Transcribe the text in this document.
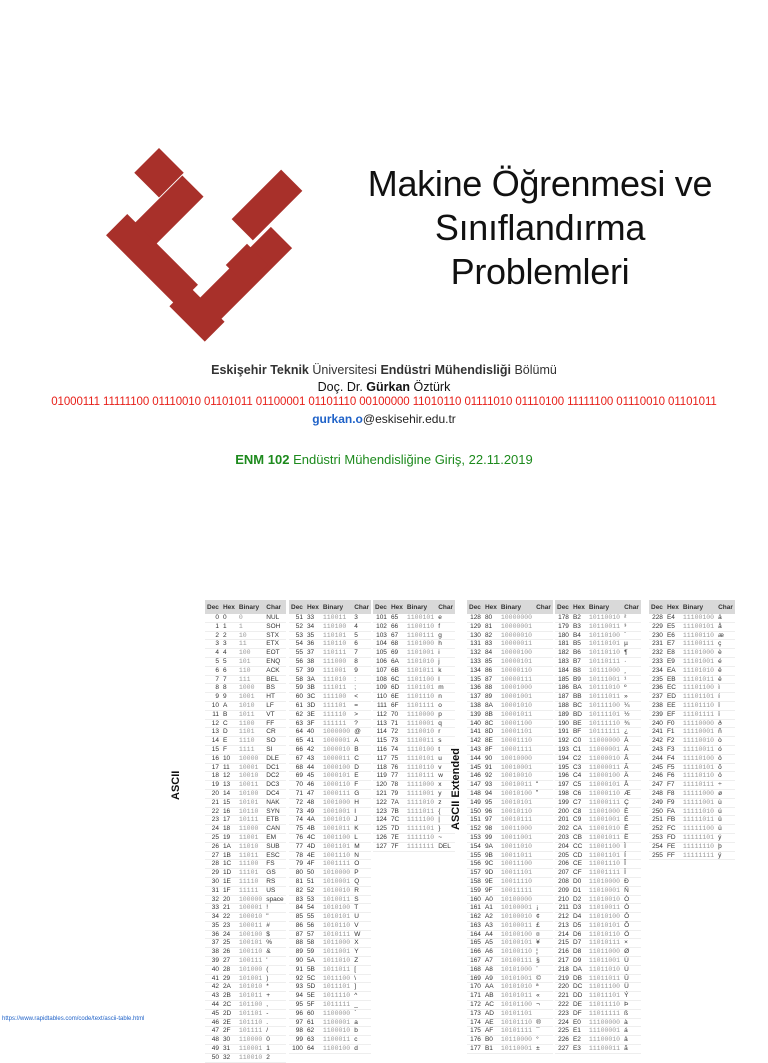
Makine Öğrenmesi ve
Sınıflandırma
Problemleri
Eskişehir Teknik Üniversitesi Endüstri Mühendisliği Bölümü
Doç. Dr. Gürkan Öztürk
01000111 11111100 01110010 01101011 01100001 01101110 00100000 11010110 01111010 01110100 11111100 01110010 01101011
gurkan.o@eskisehir.edu.tr
ENM 102 Endüstri Mühendisliğine Giriş, 22.11.2019
Dec	Hex	Binary	Char
0	0	0	NUL
1	1	1	SOH
2	2	10	STX
3	3	11	ETX
4	4	100	EOT
5	5	101	ENQ
6	6	110	ACK
7	7	111	BEL
8	8	1000	BS
9	9	1001	HT
10	A	1010	LF
11	B	1011	VT
12	C	1100	FF
13	D	1101	CR
14	E	1110	SO
15	F	1111	SI
16	10	10000	DLE
17	11	10001	DC1
18	12	10010	DC2
19	13	10011	DC3
20	14	10100	DC4
21	15	10101	NAK
22	16	10110	SYN
23	17	10111	ETB
24	18	11000	CAN
25	19	11001	EM
26	1A	11010	SUB
27	1B	11011	ESC
28	1C	11100	FS
29	1D	11101	GS
30	1E	11110	RS
31	1F	11111	US
32	20	100000	space
33	21	100001	!
34	22	100010	"
35	23	100011	#
36	24	100100	$
37	25	100101	%
38	26	100110	&
39	27	100111	'
40	28	101000	(
41	29	101001	)
42	2A	101010	*
43	2B	101011	+
44	2C	101100	,
45	2D	101101	-
46	2E	101110	.
47	2F	101111	/
48	30	110000	0
49	31	110001	1
50	32	110010	2
Dec	Hex	Binary	Char
51	33	110011	3
52	34	110100	4
53	35	110101	5
54	36	110110	6
55	37	110111	7
56	38	111000	8
57	39	111001	9
58	3A	111010	:
59	3B	111011	;
60	3C	111100	<
61	3D	111101	=
62	3E	111110	>
63	3F	111111	?
64	40	1000000	@
65	41	1000001	A
66	42	1000010	B
67	43	1000011	C
68	44	1000100	D
69	45	1000101	E
70	46	1000110	F
71	47	1000111	G
72	48	1001000	H
73	49	1001001	I
74	4A	1001010	J
75	4B	1001011	K
76	4C	1001100	L
77	4D	1001101	M
78	4E	1001110	N
79	4F	1001111	O
80	50	1010000	P
81	51	1010001	Q
82	52	1010010	R
83	53	1010011	S
84	54	1010100	T
85	55	1010101	U
86	56	1010110	V
87	57	1010111	W
88	58	1011000	X
89	59	1011001	Y
90	5A	1011010	Z
91	5B	1011011	[
92	5C	1011100	\
93	5D	1011101	]
94	5E	1011110	^
95	5F	1011111	_
96	60	1100000	`
97	61	1100001	a
98	62	1100010	b
99	63	1100011	c
100	64	1100100	d
Dec	Hex	Binary	Char
101	65	1100101	e
102	66	1100110	f
103	67	1100111	g
104	68	1101000	h
105	69	1101001	i
106	6A	1101010	j
107	6B	1101011	k
108	6C	1101100	l
109	6D	1101101	m
110	6E	1101110	n
111	6F	1101111	o
112	70	1110000	p
113	71	1110001	q
114	72	1110010	r
115	73	1110011	s
116	74	1110100	t
117	75	1110101	u
118	76	1110110	v
119	77	1110111	w
120	78	1111000	x
121	79	1111001	y
122	7A	1111010	z
123	7B	1111011	{
124	7C	1111100	|
125	7D	1111101	}
126	7E	1111110	~
127	7F	1111111	DEL
Dec	Hex	Binary	Char
128	80	10000000	
129	81	10000001	
130	82	10000010	
131	83	10000011	
132	84	10000100	
133	85	10000101	
134	86	10000110	
135	87	10000111	
136	88	10001000	
137	89	10001001	
138	8A	10001010	
139	8B	10001011	
140	8C	10001100	
141	8D	10001101	
142	8E	10001110	
143	8F	10001111	
144	90	10010000	
145	91	10010001	
146	92	10010010	
147	93	10010011	
148	94	10010100	
149	95	10010101	
150	96	10010110	
151	97	10010111	
152	98	10011000	
153	99	10011001	
154	9A	10011010	
155	9B	10011011	
156	9C	10011100	
157	9D	10011101	
158	9E	10011110	
159	9F	10011111	
160	A0	10100000	
161	A1	10100001	¡
162	A2	10100010	¢
163	A3	10100011	£
164	A4	10100100	¤
165	A5	10100101	¥
166	A6	10100110	¦
167	A7	10100111	§
168	A8	10101000	¨
169	A9	10101001	©
170	AA	10101010	ª
171	AB	10101011	«
172	AC	10101100	¬
173	AD	10101101	
174	AE	10101110	®
175	AF	10101111	¯
176	B0	10110000	°
177	B1	10110001	±
Dec	Hex	Binary	Char
178	B2	10110010	²
179	B3	10110011	³
180	B4	10110100	´
181	B5	10110101	µ
182	B6	10110110	¶
183	B7	10110111	·
184	B8	10111000	¸
185	B9	10111001	¹
186	BA	10111010	º
187	BB	10111011	»
188	BC	10111100	¼
189	BD	10111101	½
190	BE	10111110	¾
191	BF	10111111	¿
192	C0	11000000	À
193	C1	11000001	Á
194	C2	11000010	Â
195	C3	11000011	Ã
196	C4	11000100	Ä
197	C5	11000101	Å
198	C6	11000110	Æ
199	C7	11000111	Ç
200	C8	11001000	È
201	C9	11001001	É
202	CA	11001010	Ê
203	CB	11001011	Ë
204	CC	11001100	Ì
205	CD	11001101	Í
206	CE	11001110	Î
207	CF	11001111	Ï
208	D0	11010000	Ð
209	D1	11010001	Ñ
210	D2	11010010	Ò
211	D3	11010011	Ó
212	D4	11010100	Ô
213	D5	11010101	Õ
214	D6	11010110	Ö
215	D7	11010111	×
216	D8	11011000	Ø
217	D9	11011001	Ù
218	DA	11011010	Ú
219	DB	11011011	Û
220	DC	11011100	Ü
221	DD	11011101	Ý
222	DE	11011110	Þ
223	DF	11011111	ß
224	E0	11100000	à
225	E1	11100001	á
226	E2	11100010	â
227	E3	11100011	ã
Dec	Hex	Binary	Char
228	E4	11100100	ä
229	E5	11100101	å
230	E6	11100110	æ
231	E7	11100111	ç
232	E8	11101000	è
233	E9	11101001	é
234	EA	11101010	ê
235	EB	11101011	ë
236	EC	11101100	ì
237	ED	11101101	í
238	EE	11101110	î
239	EF	11101111	ï
240	F0	11110000	ð
241	F1	11110001	ñ
242	F2	11110010	ò
243	F3	11110011	ó
244	F4	11110100	ô
245	F5	11110101	õ
246	F6	11110110	ö
247	F7	11110111	÷
248	F8	11111000	ø
249	F9	11111001	ù
250	FA	11111010	ú
251	FB	11111011	û
252	FC	11111100	ü
253	FD	11111101	ý
254	FE	11111110	þ
255	FF	11111111	ÿ
ASCII	ASCII Extended
https://www.rapidtables.com/code/text/ascii-table.html
